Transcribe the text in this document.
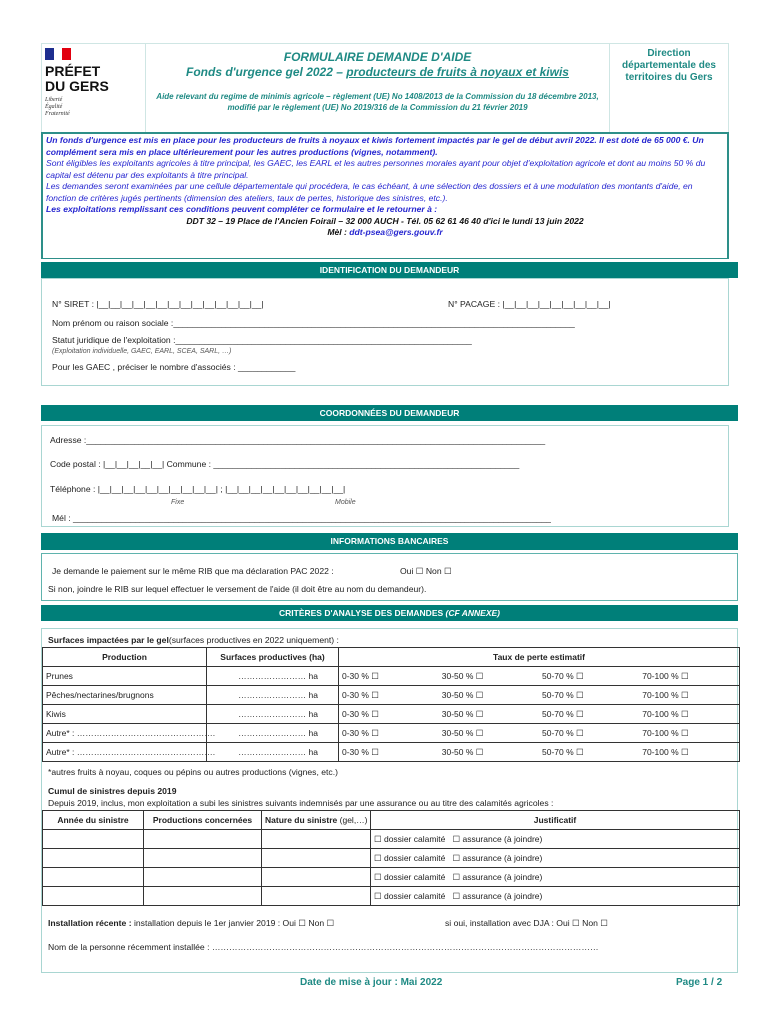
PRÉFET
DU GERS
Liberté
Égalité
Fraternité
FORMULAIRE DEMANDE D'AIDE
Fonds d'urgence gel 2022 – producteurs de fruits à noyaux et kiwis
Aide relevant du regime de minimis agricole – règlement (UE) No 1408/2013 de la Commission du 18 décembre 2013, modifié par le règlement (UE) No 2019/316 de la Commission du 21 février 2019
Direction départementale des territoires du Gers
Un fonds d'urgence est mis en place pour les producteurs de fruits à noyaux et kiwis fortement impactés par le gel de début avril 2022. Il est doté de 65 000 €. Un complément sera mis en place ultérieurement pour les autres productions (vignes, notamment).
Sont éligibles les exploitants agricoles à titre principal, les GAEC, les EARL et les autres personnes morales ayant pour objet d'exploitation agricole et dont au moins 50 % du capital est détenu par des exploitants à titre principal.
Les demandes seront examinées par une cellule départementale qui procédera, le cas échéant, à une sélection des dossiers et à une modulation des montants d'aide, en fonction de critères jugés pertinents (dimension des ateliers, taux de pertes, historique des sinistres, etc.).
Les exploitations remplissant ces conditions peuvent compléter ce formulaire et le retourner à :
DDT 32 – 19 Place de l'Ancien Foirail – 32 000 AUCH - Tél. 05 62 61 46 40 d'ici le lundi 13 juin 2022
Mèl : ddt-psea@gers.gouv.fr
IDENTIFICATION DU DEMANDEUR
N° SIRET : |__|__|__|__|__|__|__|__|__|__|__|__|__|__|	N° PACAGE : |__|__|__|__|__|__|__|__|__|
Nom prénom ou raison sociale :____________________________________________________________________________________
Statut juridique de l'exploitation :______________________________________________________________
(Exploitation individuelle, GAEC, EARL, SCEA, SARL, …)
Pour les GAEC , préciser le nombre d'associés : ____________
COORDONNÉES DU DEMANDEUR
Adresse :________________________________________________________________________________________________
Code postal : |__|__|__|__|__| Commune : ________________________________________________________________
Téléphone : |__|__|__|__|__|__|__|__|__|__| ; |__|__|__|__|__|__|__|__|__|__|
Fixe	Mobile
Mél : ____________________________________________________________________________________________________
INFORMATIONS BANCAIRES
Je demande le paiement sur le même RIB que ma déclaration PAC 2022 :	Oui ☐ Non ☐
Si non, joindre le RIB sur lequel effectuer le versement de l'aide (il doit être au nom du demandeur).
CRITÈRES D'ANALYSE DES DEMANDES (CF ANNEXE)
Surfaces impactées par le gel(surfaces productives en 2022 uniquement) :
Production	Surfaces productives (ha)	Taux de perte estimatif			
Prunes	…………………… ha	0-30 % ☐	30-50 % ☐	50-70 % ☐	70-100 % ☐
Pêches/nectarines/brugnons	…………………… ha	0-30 % ☐	30-50 % ☐	50-70 % ☐	70-100 % ☐
Kiwis	…………………… ha	0-30 % ☐	30-50 % ☐	50-70 % ☐	70-100 % ☐
Autre* : ………………………………………….	…………………… ha	0-30 % ☐	30-50 % ☐	50-70 % ☐	70-100 % ☐
Autre* : ………………………………………….	…………………… ha	0-30 % ☐	30-50 % ☐	50-70 % ☐	70-100 % ☐
*autres fruits à noyau, coques ou pépins ou autres productions (vignes, etc.)
Cumul de sinistres depuis 2019
Depuis 2019, inclus, mon exploitation a subi les sinistres suivants indemnisés par une assurance ou au titre des calamités agricoles :
Année du sinistre	Productions concernées	Nature du sinistre (gel,…)	Justificatif
			☐ dossier calamité ☐ assurance (à joindre)
			☐ dossier calamité ☐ assurance (à joindre)
			☐ dossier calamité ☐ assurance (à joindre)
			☐ dossier calamité ☐ assurance (à joindre)
Installation récente : installation depuis le 1er janvier 2019 : Oui ☐ Non ☐	si oui, installation avec DJA : Oui ☐ Non ☐
Nom de la personne récemment installée : ………………………………………………………………………………………………………………………
Date de mise à jour : Mai 2022	Page 1 / 2
